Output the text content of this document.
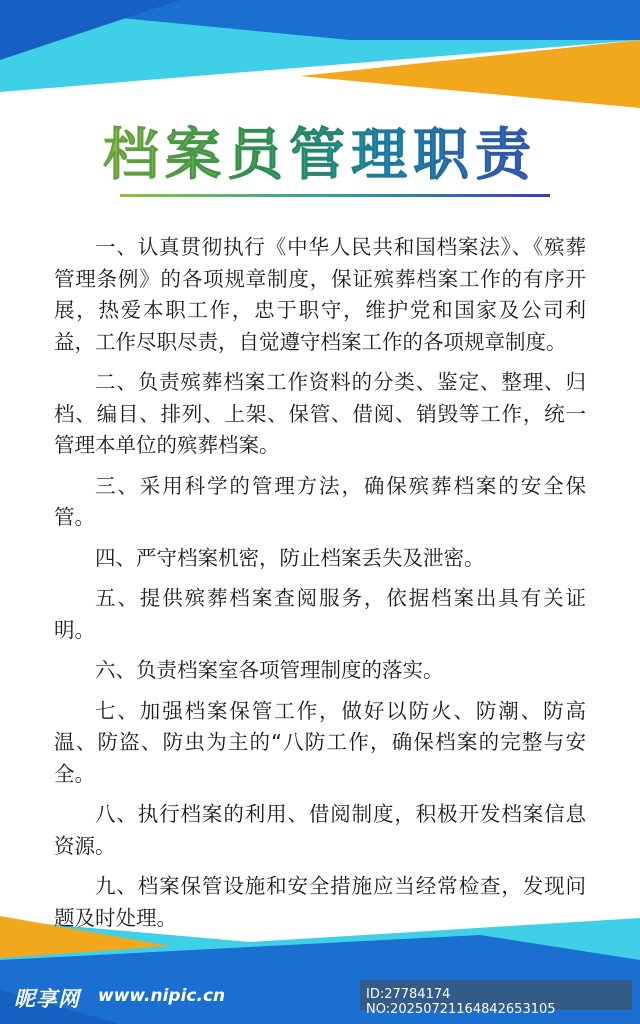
档案员管理职责

一、认真贯彻执行《中华人民共和国档案法》、《殡葬管理条例》的各项规章制度，保证殡葬档案工作的有序开展，热爱本职工作，忠于职守，维护党和国家及公司利益，工作尽职尽责，自觉遵守档案工作的各项规章制度。

二、负责殡葬档案工作资料的分类、鉴定、整理、归档、编目、排列、上架、保管、借阅、销毁等工作，统一管理本单位的殡葬档案。

三、采用科学的管理方法，确保殡葬档案的安全保管。

四、严守档案机密，防止档案丢失及泄密。

五、提供殡葬档案查阅服务，依据档案出具有关证明。

六、负责档案室各项管理制度的落实。

七、加强档案保管工作，做好以防火、防潮、防高温、防盗、防虫为主的“八防工作，确保档案的完整与安全。

八、执行档案的利用、借阅制度，积极开发档案信息资源。

九、档案保管设施和安全措施应当经常检查，发现问题及时处理。

昵享网 www.nipic.cn	ID:27784174 NO:20250721164842653105
